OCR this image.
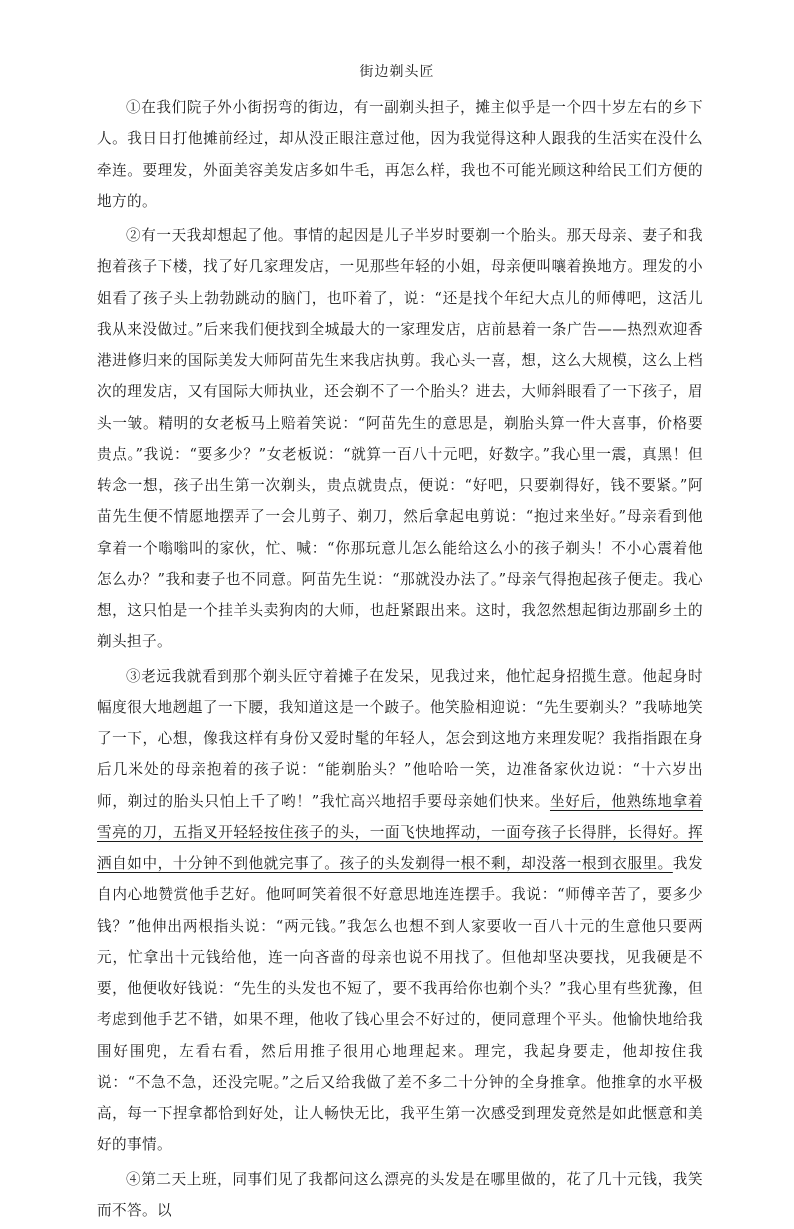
街边剃头匠

①在我们院子外小街拐弯的街边，有一副剃头担子，摊主似乎是一个四十岁左右的乡下人。我日日打他摊前经过，却从没正眼注意过他，因为我觉得这种人跟我的生活实在没什么牵连。要理发，外面美容美发店多如牛毛，再怎么样，我也不可能光顾这种给民工们方便的地方的。

②有一天我却想起了他。事情的起因是儿子半岁时要剃一个胎头。那天母亲、妻子和我抱着孩子下楼，找了好几家理发店，一见那些年轻的小姐，母亲便叫嚷着换地方。理发的小姐看了孩子头上勃勃跳动的脑门，也吓着了，说：“还是找个年纪大点儿的师傅吧，这活儿我从来没做过。”后来我们便找到全城最大的一家理发店，店前悬着一条广告——热烈欢迎香港进修归来的国际美发大师阿苗先生来我店执剪。我心头一喜，想，这么大规模，这么上档次的理发店，又有国际大师执业，还会剃不了一个胎头？进去，大师斜眼看了一下孩子，眉头一皱。精明的女老板马上赔着笑说：“阿苗先生的意思是，剃胎头算一件大喜事，价格要贵点。”我说：“要多少？”女老板说：“就算一百八十元吧，好数字。”我心里一震，真黑！但转念一想，孩子出生第一次剃头，贵点就贵点，便说：“好吧，只要剃得好，钱不要紧。”阿苗先生便不情愿地摆弄了一会儿剪子、剃刀，然后拿起电剪说：“抱过来坐好。”母亲看到他拿着一个嗡嗡叫的家伙，忙、喊：“你那玩意儿怎么能给这么小的孩子剃头！不小心震着他怎么办？”我和妻子也不同意。阿苗先生说：“那就没办法了。”母亲气得抱起孩子便走。我心想，这只怕是一个挂羊头卖狗肉的大师，也赶紧跟出来。这时，我忽然想起街边那副乡土的剃头担子。

③老远我就看到那个剃头匠守着摊子在发呆，见我过来，他忙起身招揽生意。他起身时幅度很大地趔趄了一下腰，我知道这是一个跛子。他笑脸相迎说：“先生要剃头？”我哧地笑了一下，心想，像我这样有身份又爱时髦的年轻人，怎会到这地方来理发呢？我指指跟在身后几米处的母亲抱着的孩子说：“能剃胎头？”他哈哈一笑，边准备家伙边说：“十六岁出师，剃过的胎头只怕上千了哟！”我忙高兴地招手要母亲她们快来。坐好后，他熟练地拿着雪亮的刀，五指叉开轻轻按住孩子的头，一面飞快地挥动，一面夸孩子长得胖，长得好。挥洒自如中，十分钟不到他就完事了。孩子的头发剃得一根不剩，却没落一根到衣服里。我发自内心地赞赏他手艺好。他呵呵笑着很不好意思地连连摆手。我说：“师傅辛苦了，要多少钱？”他伸出两根指头说：“两元钱。”我怎么也想不到人家要收一百八十元的生意他只要两元，忙拿出十元钱给他，连一向吝啬的母亲也说不用找了。但他却坚决要找，见我硬是不要，他便收好钱说：“先生的头发也不短了，要不我再给你也剃个头？”我心里有些犹豫，但考虑到他手艺不错，如果不理，他收了钱心里会不好过的，便同意理个平头。他愉快地给我围好围兜，左看右看，然后用推子很用心地理起来。理完，我起身要走，他却按住我说：“不急不急，还没完呢。”之后又给我做了差不多二十分钟的全身推拿。他推拿的水平极高，每一下捏拿都恰到好处，让人畅快无比，我平生第一次感受到理发竟然是如此惬意和美好的事情。

④第二天上班，同事们见了我都问这么漂亮的头发是在哪里做的，花了几十元钱，我笑而不答。以
